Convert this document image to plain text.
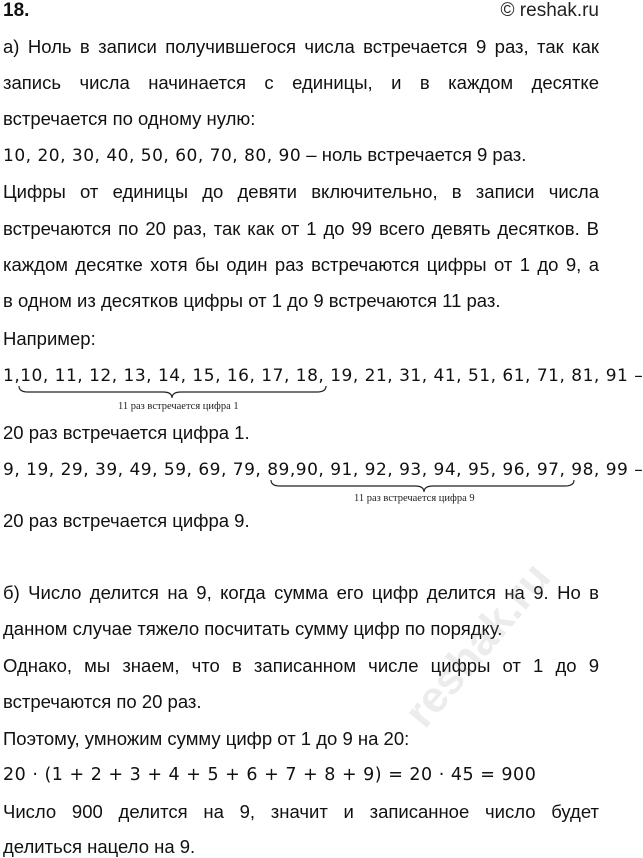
18.	© reshak.ru
а) Ноль в записи получившегося числа встречается 9 раз, так как
запись числа начинается с единицы, и в каждом десятке
встречается по одному нулю:
10, 20, 30, 40, 50, 60, 70, 80, 90 – ноль встречается 9 раз.
Цифры от единицы до девяти включительно, в записи числа
встречаются по 20 раз, так как от 1 до 99 всего девять десятков. В
каждом десятке хотя бы один раз встречаются цифры от 1 до 9, а
в одном из десятков цифры от 1 до 9 встречаются 11 раз.
Например:
1,10, 11, 12, 13, 14, 15, 16, 17, 18, 19, 21, 31, 41, 51, 61, 71, 81, 91 –
11 раз встречается цифра 1
20 раз встречается цифра 1.
9, 19, 29, 39, 49, 59, 69, 79, 89,90, 91, 92, 93, 94, 95, 96, 97, 98, 99 –
11 раз встречается цифра 9
20 раз встречается цифра 9.
б) Число делится на 9, когда сумма его цифр делится на 9. Но в
данном случае тяжело посчитать сумму цифр по порядку.
Однако, мы знаем, что в записанном числе цифры от 1 до 9
встречаются по 20 раз.
Поэтому, умножим сумму цифр от 1 до 9 на 20:
20 · (1 + 2 + 3 + 4 + 5 + 6 + 7 + 8 + 9) = 20 · 45 = 900
Число 900 делится на 9, значит и записанное число будет
делиться нацело на 9.
reshak.ru
